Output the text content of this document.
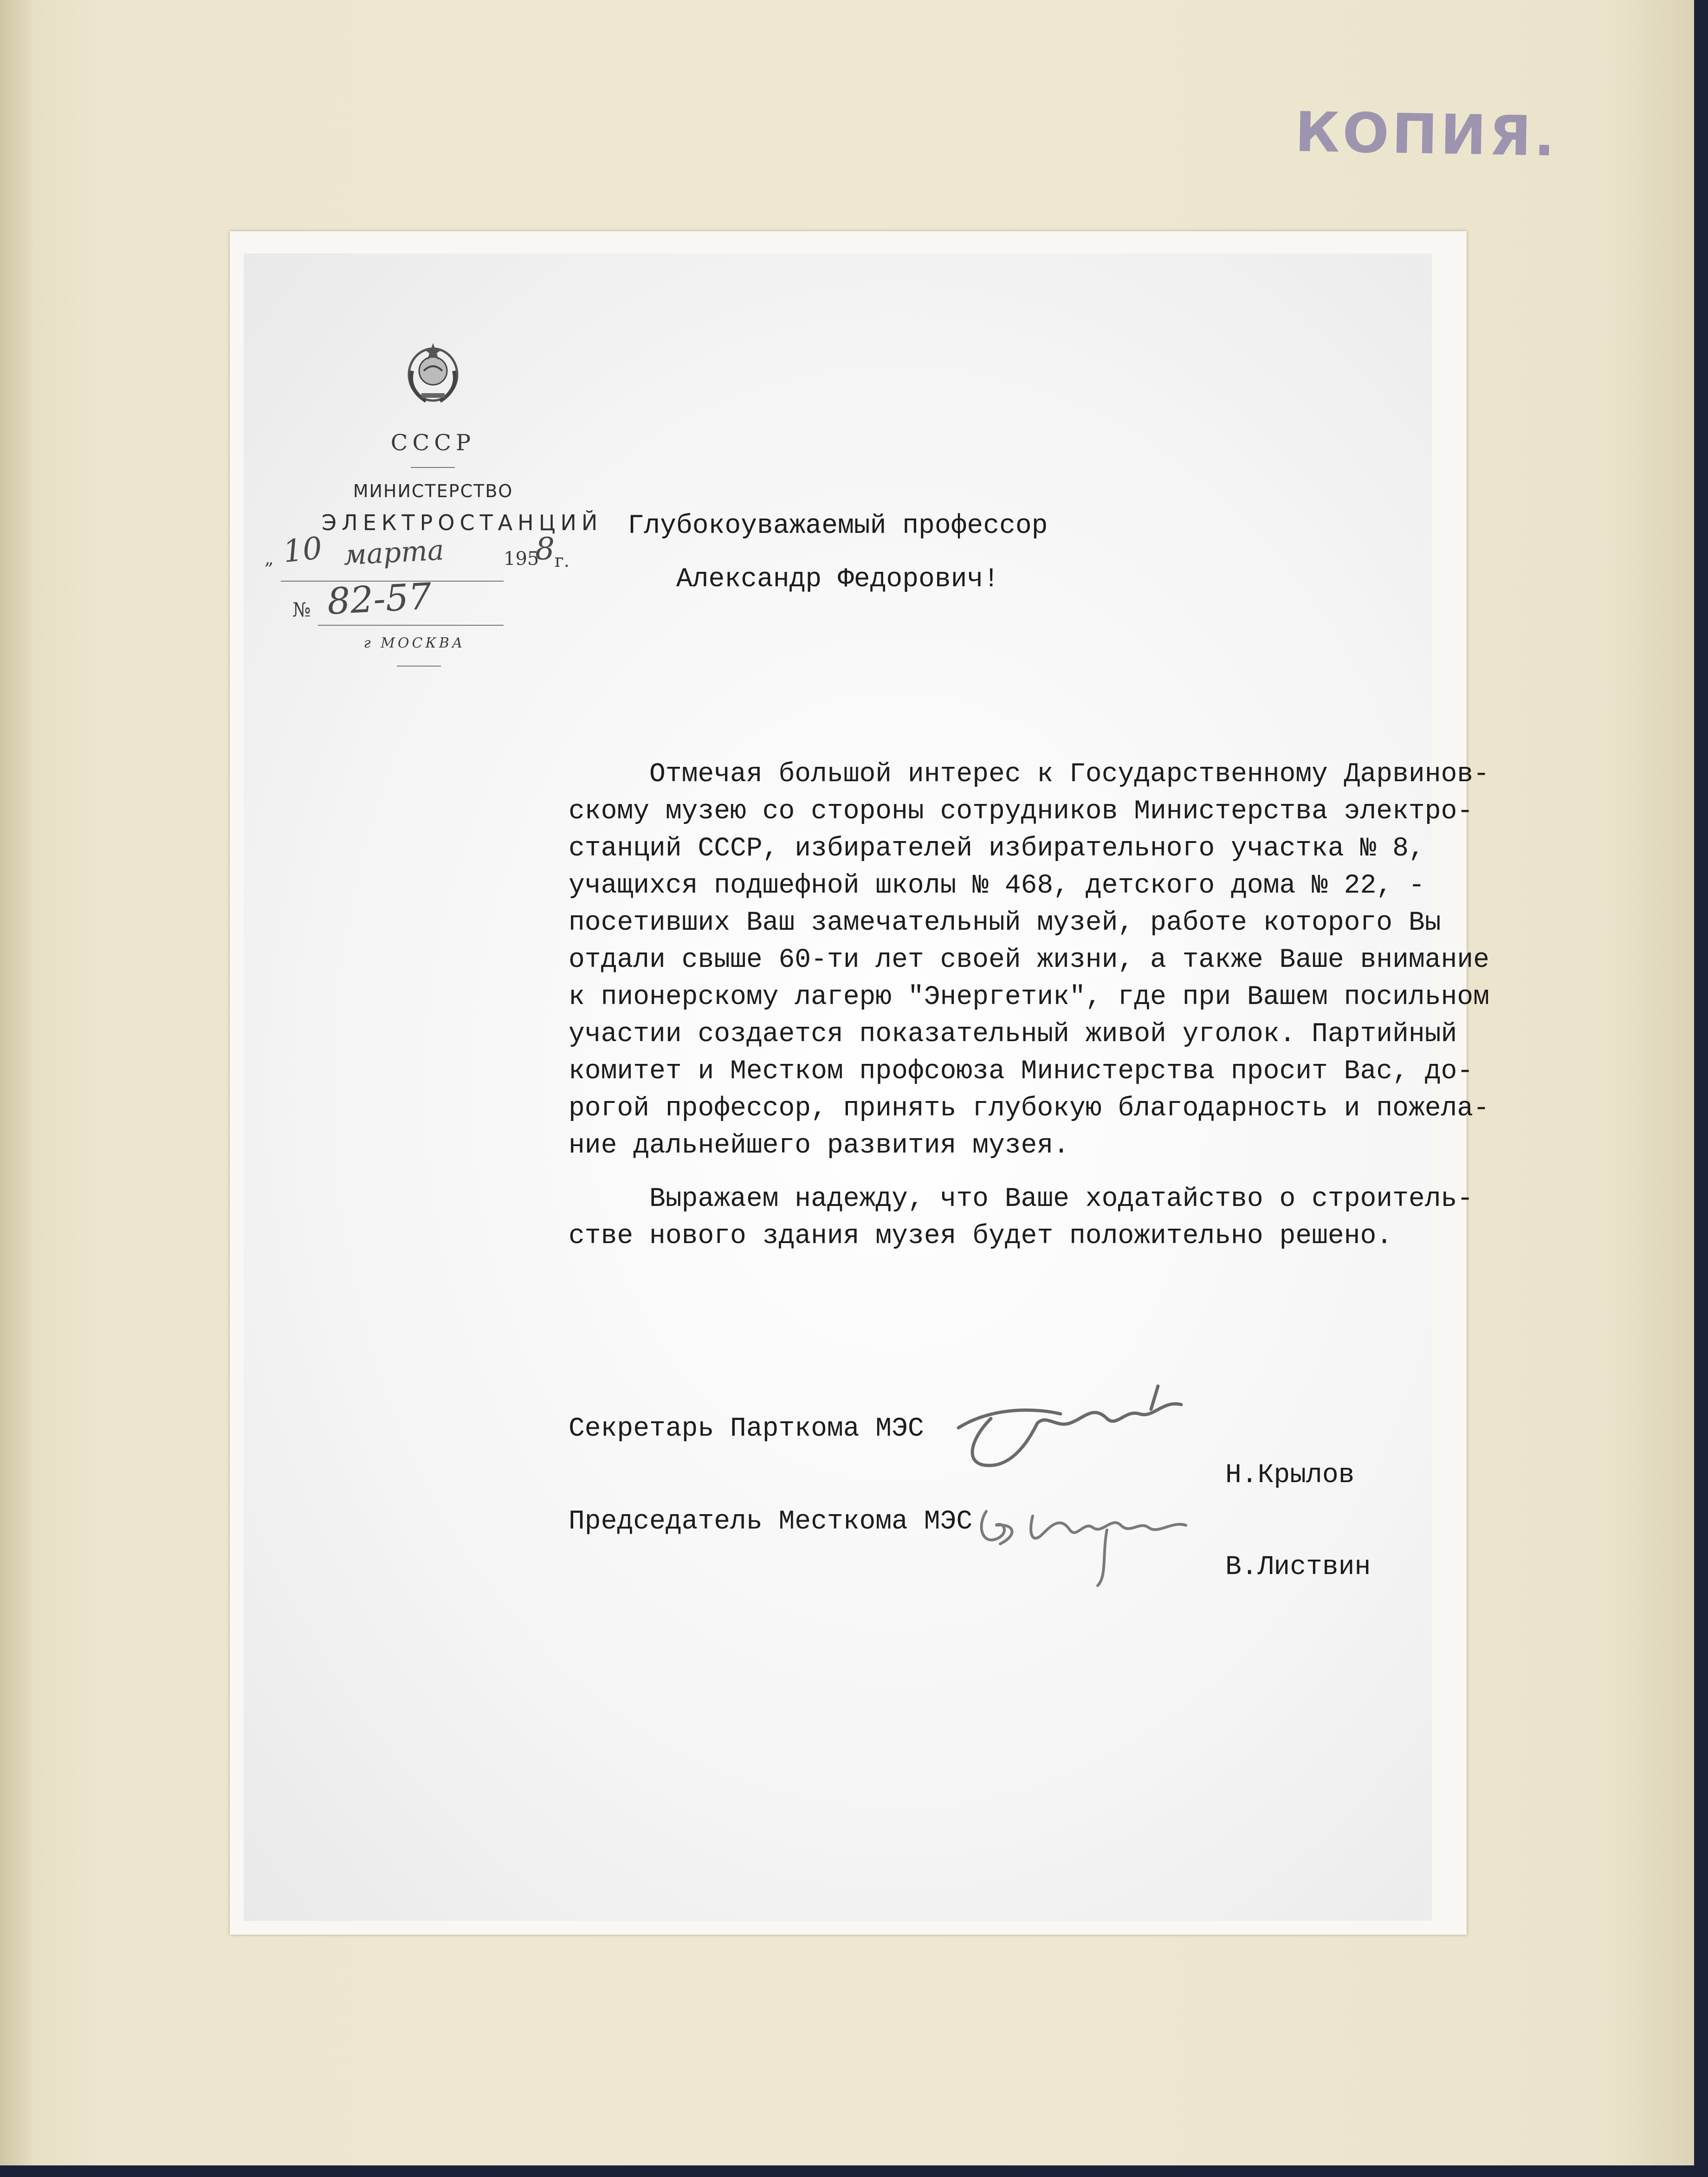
КОПИЯ.
СССР
МИНИСТЕРСТВО
ЭЛЕКТРОСТАНЦИЙ
„ 10 марта	195
8 г.
№ 82-57
г МОСКВА
Глубокоуважаемый профессор
Александр Федорович!
Отмечая большой интерес к Государственному Дарвинов-
скому музею со стороны сотрудников Министерства электро-
станций СССР, избирателей избирательного участка № 8,
учащихся подшефной школы № 468, детского дома № 22, -
посетивших Ваш замечательный музей, работе которого Вы
отдали свыше 60-ти лет своей жизни, а также Ваше внимание
к пионерскому лагерю "Энергетик", где при Вашем посильном
участии создается показательный живой уголок. Партийный
комитет и Местком профсоюза Министерства просит Вас, до-
рогой профессор, принять глубокую благодарность и пожела-
ние дальнейшего развития музея.
Выражаем надежду, что Ваше ходатайство о строитель-
стве нового здания музея будет положительно решено.
Секретарь Парткома МЭС
Н.Крылов
Председатель Месткома МЭС
В.Листвин
